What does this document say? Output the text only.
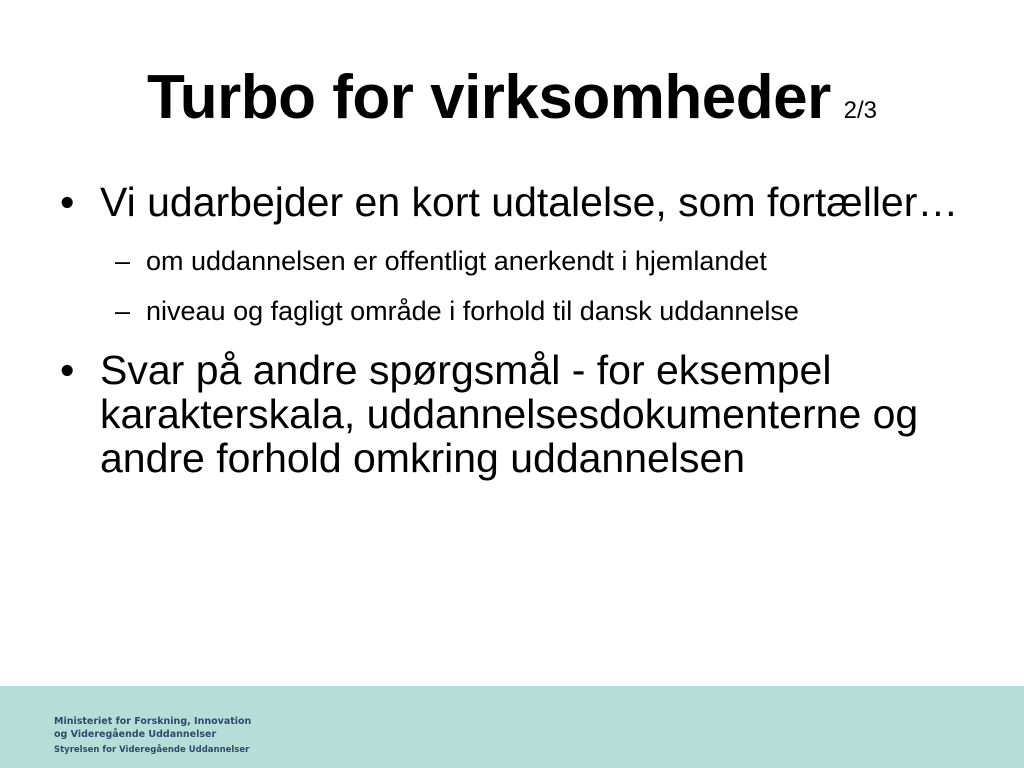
Turbo for virksomheder 2/3
• Vi udarbejder en kort udtalelse, som fortæller…
– om uddannelsen er offentligt anerkendt i hjemlandet
– niveau og fagligt område i forhold til dansk uddannelse
• Svar på andre spørgsmål - for eksempel karakterskala, uddannelsesdokumenterne og andre forhold omkring uddannelsen
Ministeriet for Forskning, Innovation
og Videregående Uddannelser
Styrelsen for Videregående Uddannelser
